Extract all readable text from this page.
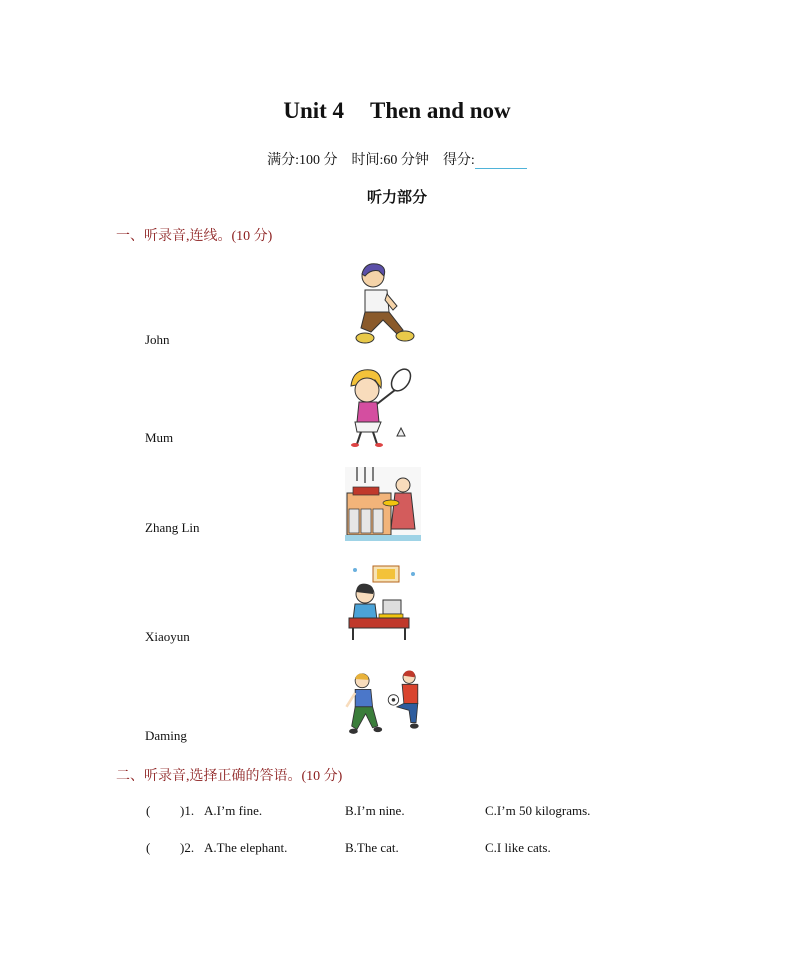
Unit 4 Then and now
满分:100 分 时间:60 分钟 得分:
听力部分
一、听录音,连线。(10 分)
John
Mum
Zhang Lin
Xiaoyun
Daming
二、听录音,选择正确的答语。(10 分)
( )1. A.I’m fine.	B.I’m nine.	C.I’m 50 kilograms.
( )2. A.The elephant.	B.The cat.	C.I like cats.
